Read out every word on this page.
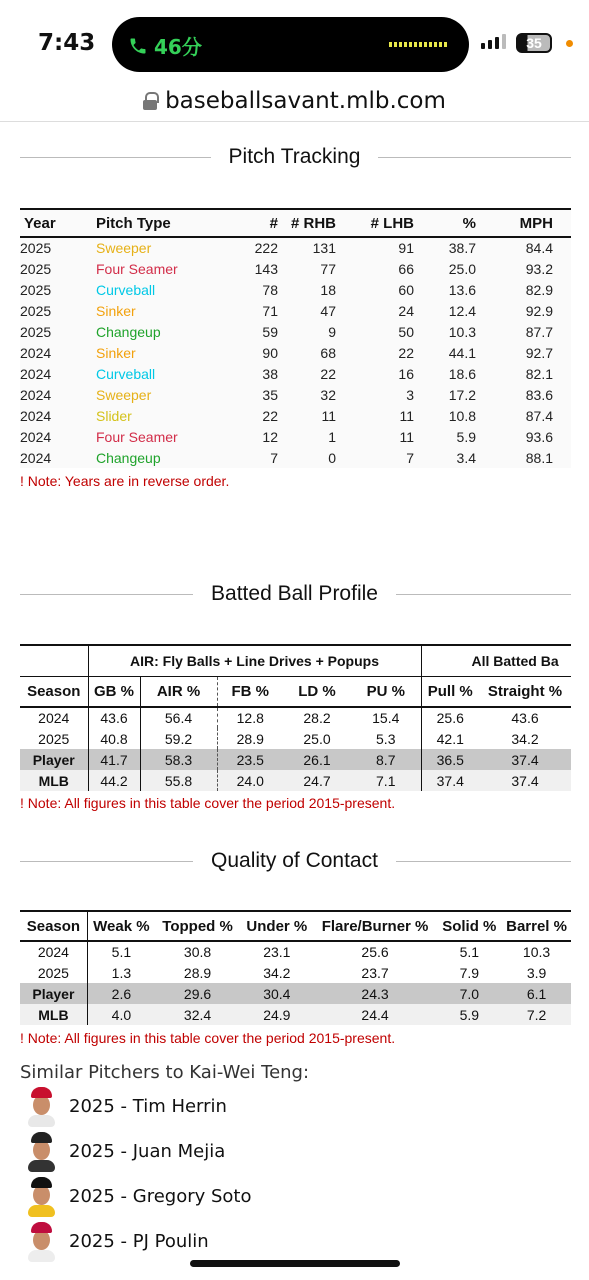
7:43	46分	35
baseballsavant.mlb.com
Pitch Tracking
Year	Pitch Type	#	# RHB	# LHB	%	MPH
2025	Sweeper	222	131	91	38.7	84.4
2025	Four Seamer	143	77	66	25.0	93.2
2025	Curveball	78	18	60	13.6	82.9
2025	Sinker	71	47	24	12.4	92.9
2025	Changeup	59	9	50	10.3	87.7
2024	Sinker	90	68	22	44.1	92.7
2024	Curveball	38	22	16	18.6	82.1
2024	Sweeper	35	32	3	17.2	83.6
2024	Slider	22	11	11	10.8	87.4
2024	Four Seamer	12	1	11	5.9	93.6
2024	Changeup	7	0	7	3.4	88.1
! Note: Years are in reverse order.
Batted Ball Profile
	AIR: Fly Balls + Line Drives + Popups					All Batted Ba	
Season	GB %	AIR %	FB %	LD %	PU %	Pull %	Straight %
2024	43.6	56.4	12.8	28.2	15.4	25.6	43.6
2025	40.8	59.2	28.9	25.0	5.3	42.1	34.2
Player	41.7	58.3	23.5	26.1	8.7	36.5	37.4
MLB	44.2	55.8	24.0	24.7	7.1	37.4	37.4
! Note: All figures in this table cover the period 2015-present.
Quality of Contact
Season	Weak %	Topped %	Under %	Flare/Burner %	Solid %	Barrel %
2024	5.1	30.8	23.1	25.6	5.1	10.3
2025	1.3	28.9	34.2	23.7	7.9	3.9
Player	2.6	29.6	30.4	24.3	7.0	6.1
MLB	4.0	32.4	24.9	24.4	5.9	7.2
! Note: All figures in this table cover the period 2015-present.
Similar Pitchers to Kai-Wei Teng:
2025 - Tim Herrin
2025 - Juan Mejia
2025 - Gregory Soto
2025 - PJ Poulin
